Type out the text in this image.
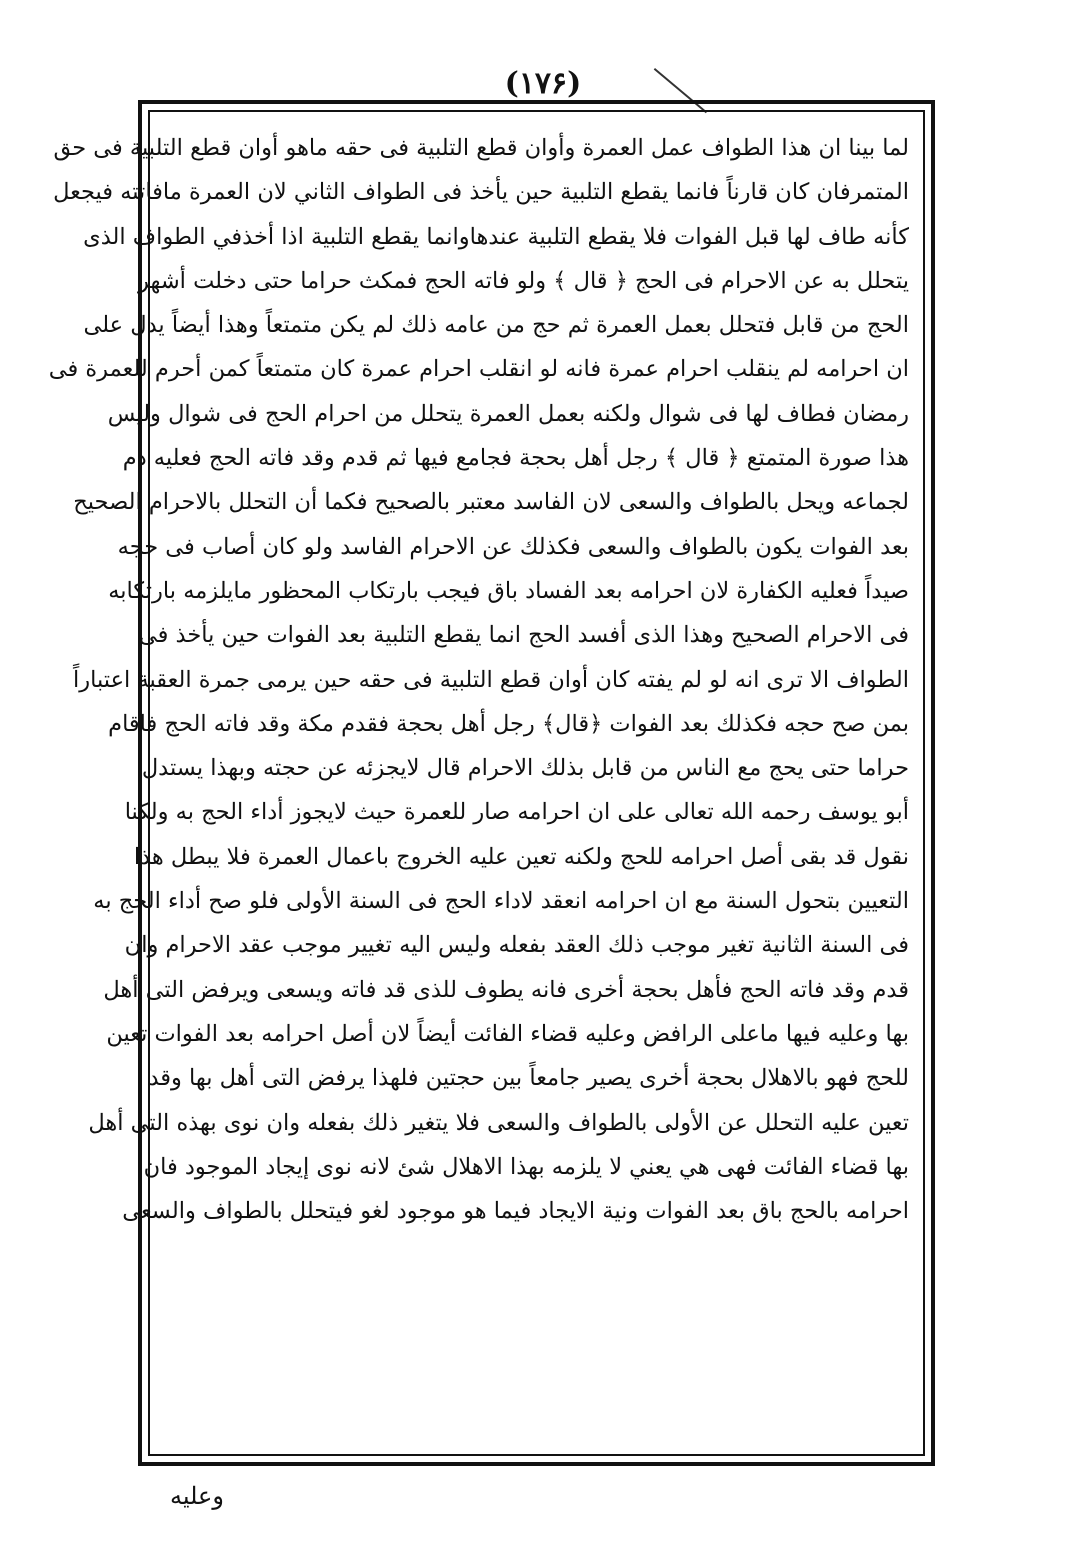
(۱۷۶)
لما بينا ان هذا الطواف عمل العمرة وأوان قطع التلبية فى حقه ماهو أوان قطع التلبية فى حق
المتمرفان كان قارناً فانما يقطع التلبية حين يأخذ فى الطواف الثاني لان العمرة مافاتته فيجعل
كأنه طاف لها قبل الفوات فلا يقطع التلبية عندهاوانما يقطع التلبية اذا أخذفي الطواف الذى
يتحلل به عن الاحرام فى الحج ﴿ قال ﴾ ولو فاته الحج فمكث حراما حتى دخلت أشهر
الحج من قابل فتحلل بعمل العمرة ثم حج من عامه ذلك لم يكن متمتعاً وهذا أيضاً يدل على
ان احرامه لم ينقلب احرام عمرة فانه لو انقلب احرام عمرة كان متمتعاً كمن أحرم للعمرة فى
رمضان فطاف لها فى شوال ولكنه بعمل العمرة يتحلل من احرام الحج فى شوال وليس
هذا صورة المتمتع ﴿ قال ﴾ رجل أهل بحجة فجامع فيها ثم قدم وقد فاته الحج فعليه دم
لجماعه ويحل بالطواف والسعى لان الفاسد معتبر بالصحيح فكما أن التحلل بالاحرام الصحيح
بعد الفوات يكون بالطواف والسعى فكذلك عن الاحرام الفاسد ولو كان أصاب فى حجه
صيداً فعليه الكفارة لان احرامه بعد الفساد باق فيجب بارتكاب المحظور مايلزمه بارتكابه
فى الاحرام الصحيح وهذا الذى أفسد الحج انما يقطع التلبية بعد الفوات حين يأخذ فى
الطواف الا ترى انه لو لم يفته كان أوان قطع التلبية فى حقه حين يرمى جمرة العقبة اعتباراً
بمن صح حجه فكذلك بعد الفوات ﴿قال﴾ رجل أهل بحجة فقدم مكة وقد فاته الحج فاقام
حراما حتى يحج مع الناس من قابل بذلك الاحرام قال لايجزئه عن حجته وبهذا يستدل
أبو يوسف رحمه الله تعالى على ان احرامه صار للعمرة حيث لايجوز أداء الحج به ولكنا
نقول قد بقى أصل احرامه للحج ولكنه تعين عليه الخروج باعمال العمرة فلا يبطل هذا
التعيين بتحول السنة مع ان احرامه انعقد لاداء الحج فى السنة الأولى فلو صح أداء الحج به
فى السنة الثانية تغير موجب ذلك العقد بفعله وليس اليه تغيير موجب عقد الاحرام وان
قدم وقد فاته الحج فأهل بحجة أخرى فانه يطوف للذى قد فاته ويسعى ويرفض التى أهل
بها وعليه فيها ماعلى الرافض وعليه قضاء الفائت أيضاً لان أصل احرامه بعد الفوات تعين
للحج فهو بالاهلال بحجة أخرى يصير جامعاً بين حجتين فلهذا يرفض التى أهل بها وقد
تعين عليه التحلل عن الأولى بالطواف والسعى فلا يتغير ذلك بفعله وان نوى بهذه التى أهل
بها قضاء الفائت فهى هي يعني لا يلزمه بهذا الاهلال شئ لانه نوى إيجاد الموجود فان
احرامه بالحج باق بعد الفوات ونية الايجاد فيما هو موجود لغو فيتحلل بالطواف والسعى
وعليه
